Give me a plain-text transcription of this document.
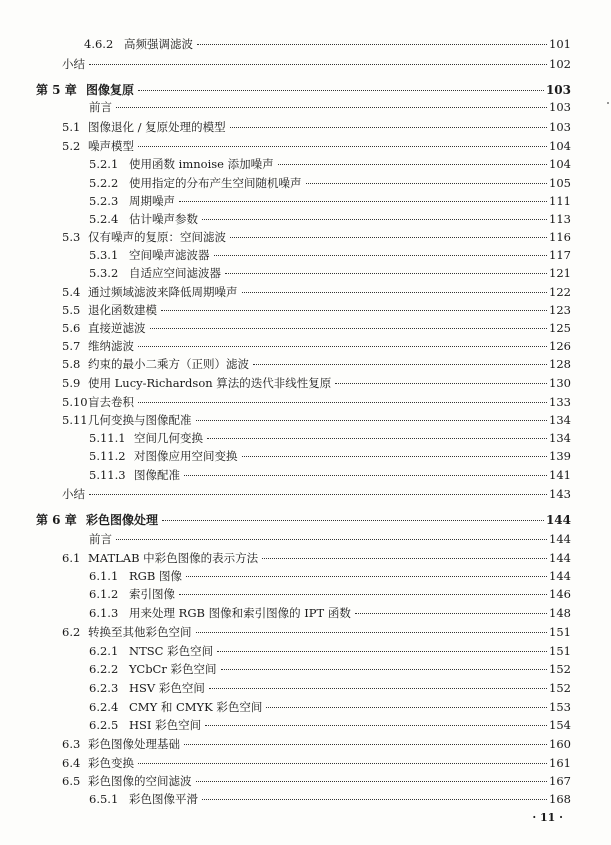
4.6.2 高频强调滤波	101
小结	102
第 5 章 图像复原	103
前言	103
5.1 图像退化 / 复原处理的模型	103
5.2 噪声模型	104
5.2.1 使用函数 imnoise 添加噪声	104
5.2.2 使用指定的分布产生空间随机噪声	105
5.2.3 周期噪声	111
5.2.4 估计噪声参数	113
5.3 仅有噪声的复原：空间滤波	116
5.3.1 空间噪声滤波器	117
5.3.2 自适应空间滤波器	121
5.4 通过频域滤波来降低周期噪声	122
5.5 退化函数建模	123
5.6 直接逆滤波	125
5.7 维纳滤波	126
5.8 约束的最小二乘方（正则）滤波	128
5.9 使用 Lucy-Richardson 算法的迭代非线性复原	130
5.10 盲去卷积	133
5.11 几何变换与图像配准	134
5.11.1 空间几何变换	134
5.11.2 对图像应用空间变换	139
5.11.3 图像配准	141
小结	143
第 6 章 彩色图像处理	144
前言	144
6.1 MATLAB 中彩色图像的表示方法	144
6.1.1 RGB 图像	144
6.1.2 索引图像	146
6.1.3 用来处理 RGB 图像和索引图像的 IPT 函数	148
6.2 转换至其他彩色空间	151
6.2.1 NTSC 彩色空间	151
6.2.2 YCbCr 彩色空间	152
6.2.3 HSV 彩色空间	152
6.2.4 CMY 和 CMYK 彩色空间	153
6.2.5 HSI 彩色空间	154
6.3 彩色图像处理基础	160
6.4 彩色变换	161
6.5 彩色图像的空间滤波	167
6.5.1 彩色图像平滑	168
· 11 ·
